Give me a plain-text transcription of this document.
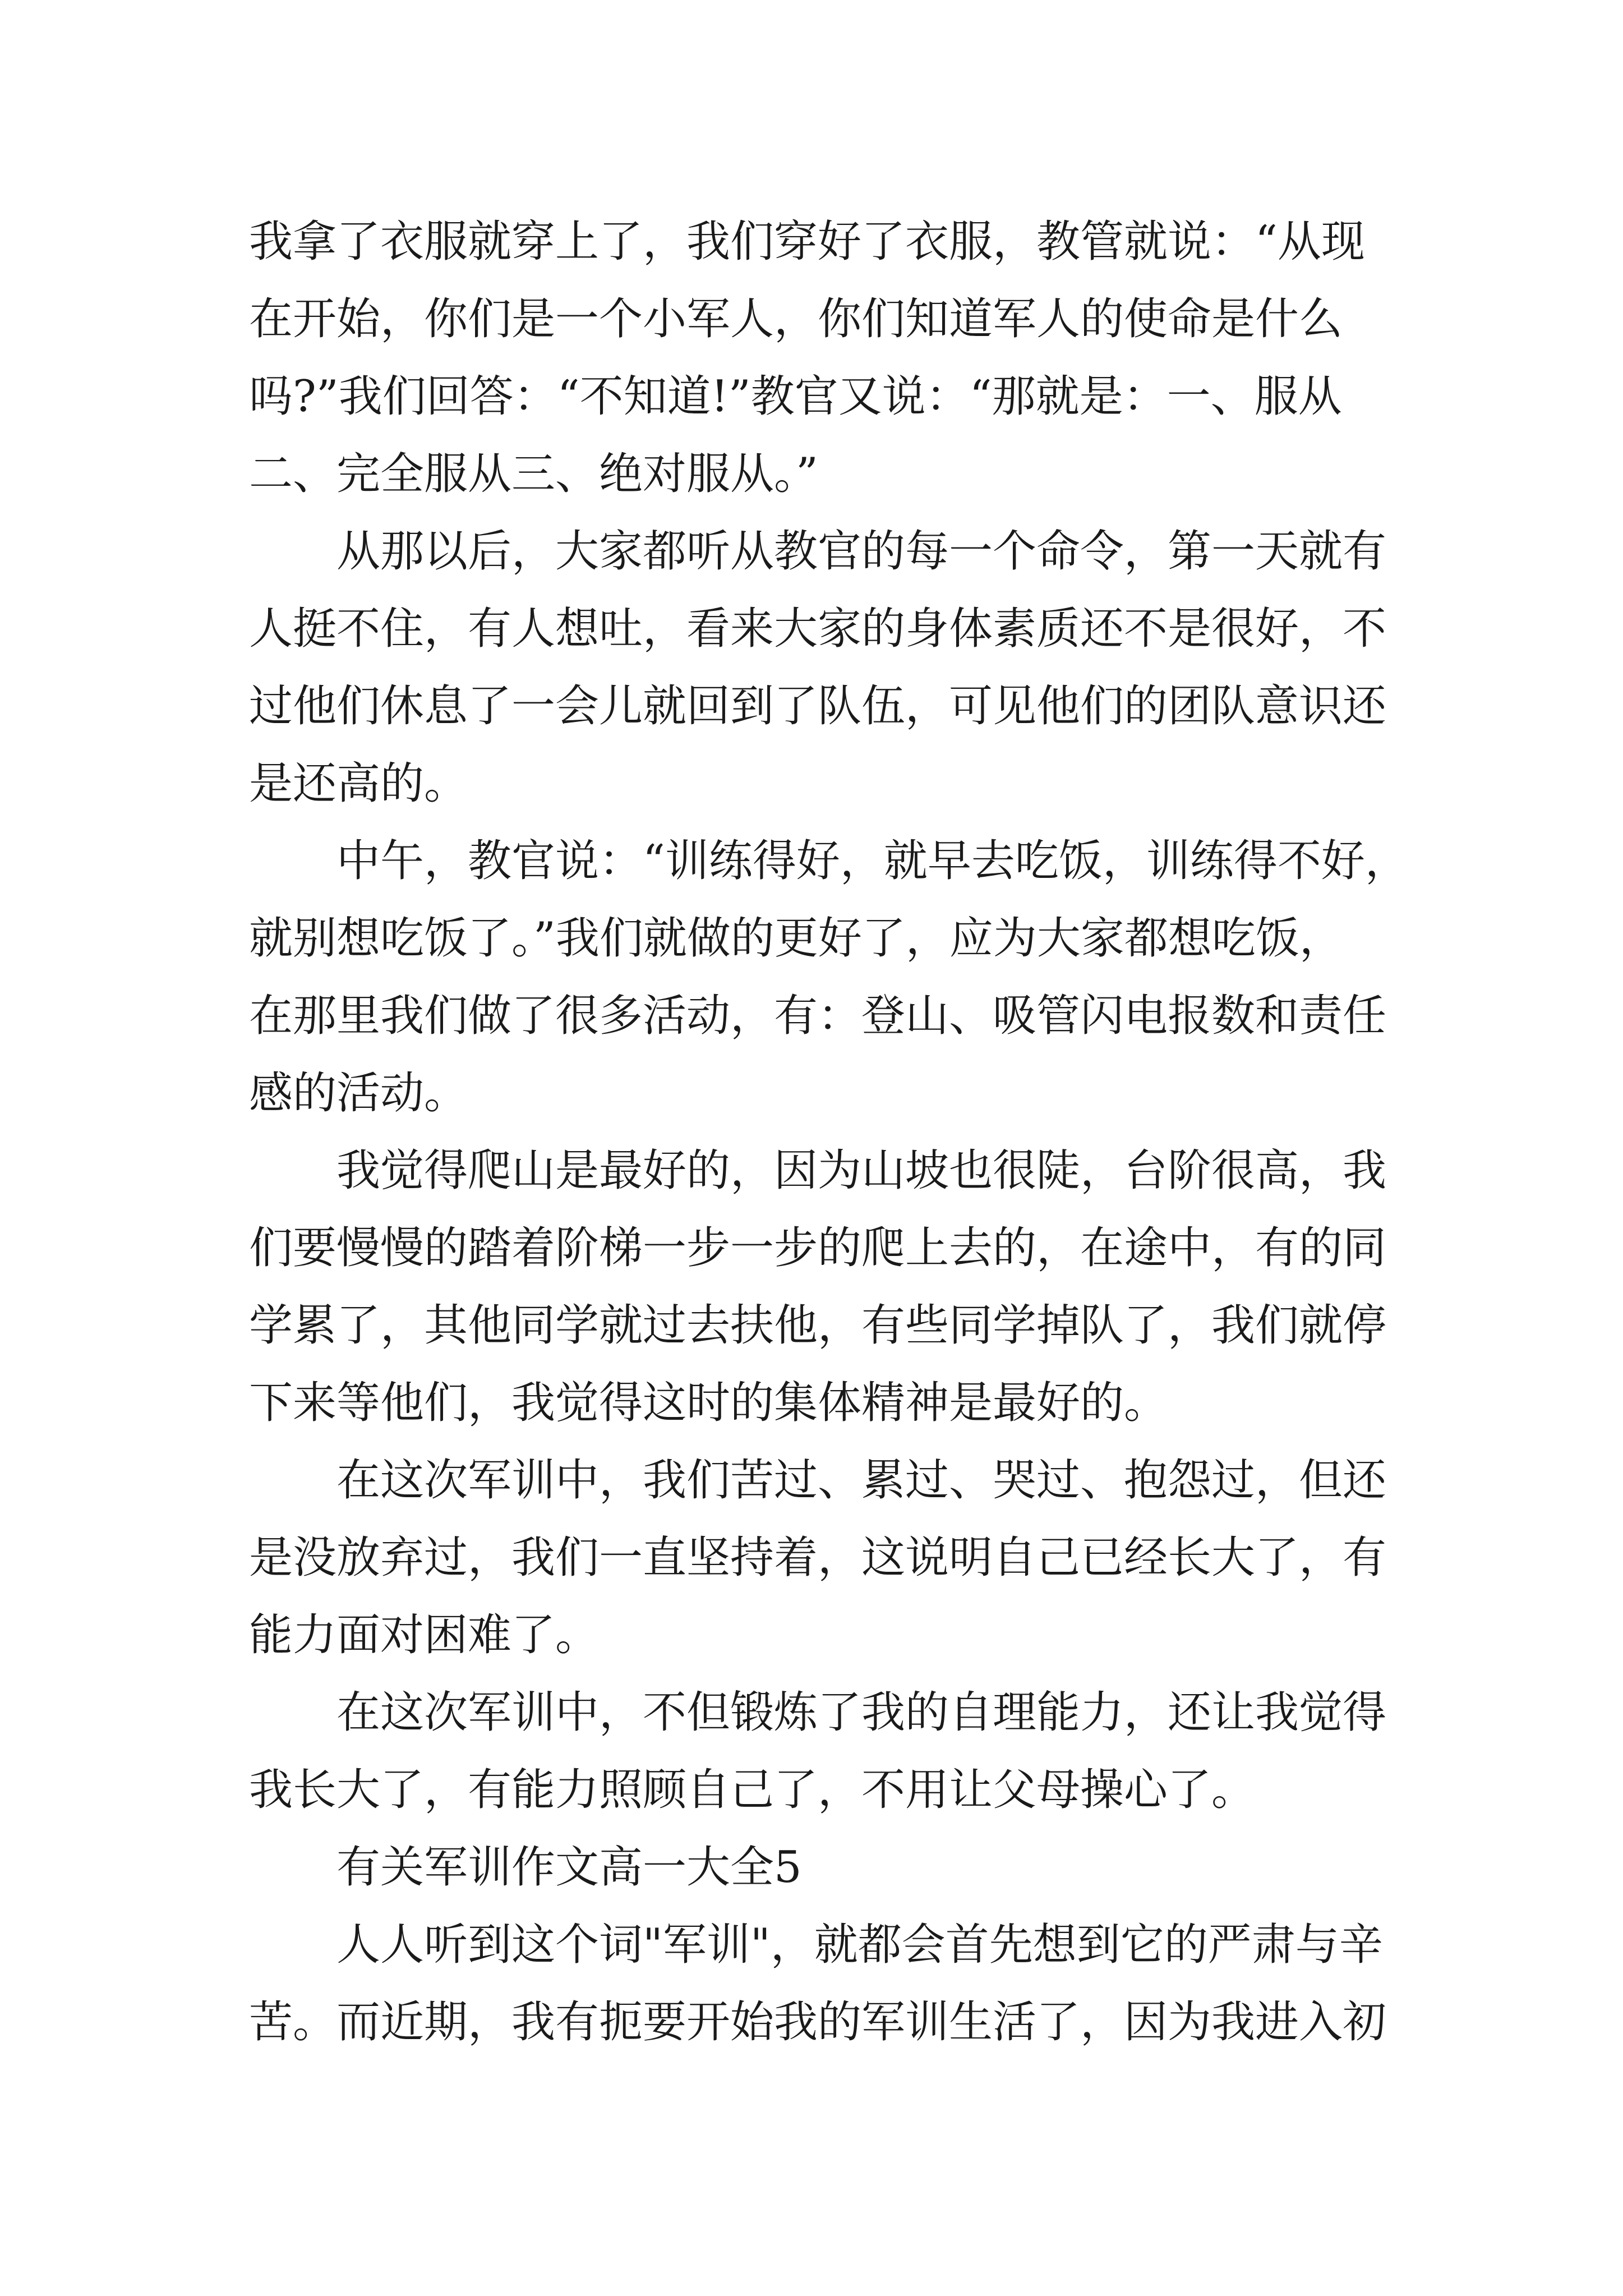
我拿了衣服就穿上了，我们穿好了衣服，教管就说：“从现
在开始，你们是一个小军人，你们知道军人的使命是什么
吗?”我们回答：“不知道!”教官又说：“那就是：一、服从
二、完全服从三、绝对服从。”
从那以后，大家都听从教官的每一个命令，第一天就有
人挺不住，有人想吐，看来大家的身体素质还不是很好，不
过他们休息了一会儿就回到了队伍，可见他们的团队意识还
是还高的。
中午，教官说：“训练得好，就早去吃饭，训练得不好，
就别想吃饭了。”我们就做的更好了，应为大家都想吃饭，
在那里我们做了很多活动，有：登山、吸管闪电报数和责任
感的活动。
我觉得爬山是最好的，因为山坡也很陡，台阶很高，我
们要慢慢的踏着阶梯一步一步的爬上去的，在途中，有的同
学累了，其他同学就过去扶他，有些同学掉队了，我们就停
下来等他们，我觉得这时的集体精神是最好的。
在这次军训中，我们苦过、累过、哭过、抱怨过，但还
是没放弃过，我们一直坚持着，这说明自己已经长大了，有
能力面对困难了。
在这次军训中，不但锻炼了我的自理能力，还让我觉得
我长大了，有能力照顾自己了，不用让父母操心了。
有关军训作文高一大全5
人人听到这个词"军训"，就都会首先想到它的严肃与辛
苦。而近期，我有扼要开始我的军训生活了，因为我进入初
